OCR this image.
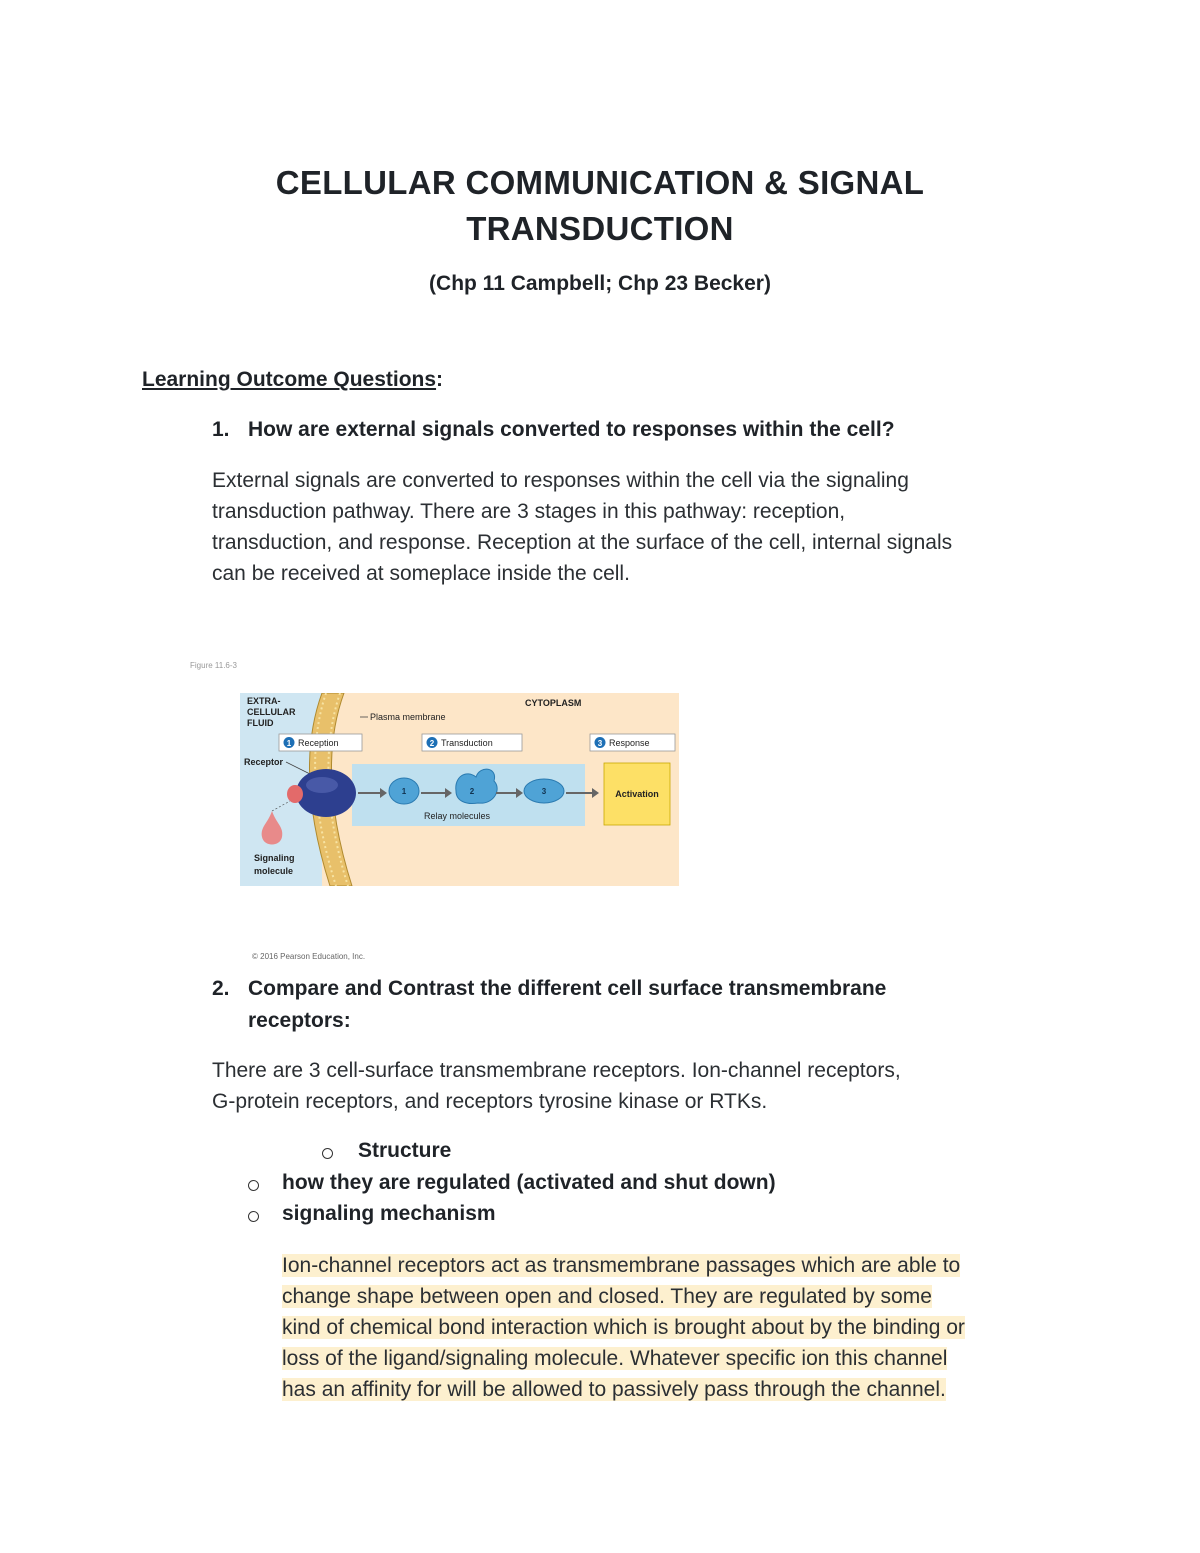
CELLULAR COMMUNICATION & SIGNAL
TRANSDUCTION
(Chp 11 Campbell; Chp 23 Becker)
Learning Outcome Questions:
1. How are external signals converted to responses within the cell?
External signals are converted to responses within the cell via the signaling
transduction pathway. There are 3 stages in this pathway: reception,
transduction, and response. Reception at the surface of the cell, internal signals
can be received at someplace inside the cell.
Figure 11.6-3
EXTRA-
CELLULAR
FLUID
CYTOPLASM
Plasma membrane
1 Reception	2 Transduction	3 Response
Receptor
Signaling
molecule
1	2	3
Relay molecules
Activation
© 2016 Pearson Education, Inc.
2. Compare and Contrast the different cell surface transmembrane
receptors:
There are 3 cell-surface transmembrane receptors. Ion-channel receptors,
G-protein receptors, and receptors tyrosine kinase or RTKs.
Structure
how they are regulated (activated and shut down)
signaling mechanism
Ion-channel receptors act as transmembrane passages which are able to
change shape between open and closed. They are regulated by some
kind of chemical bond interaction which is brought about by the binding or
loss of the ligand/signaling molecule. Whatever specific ion this channel
has an affinity for will be allowed to passively pass through the channel.
